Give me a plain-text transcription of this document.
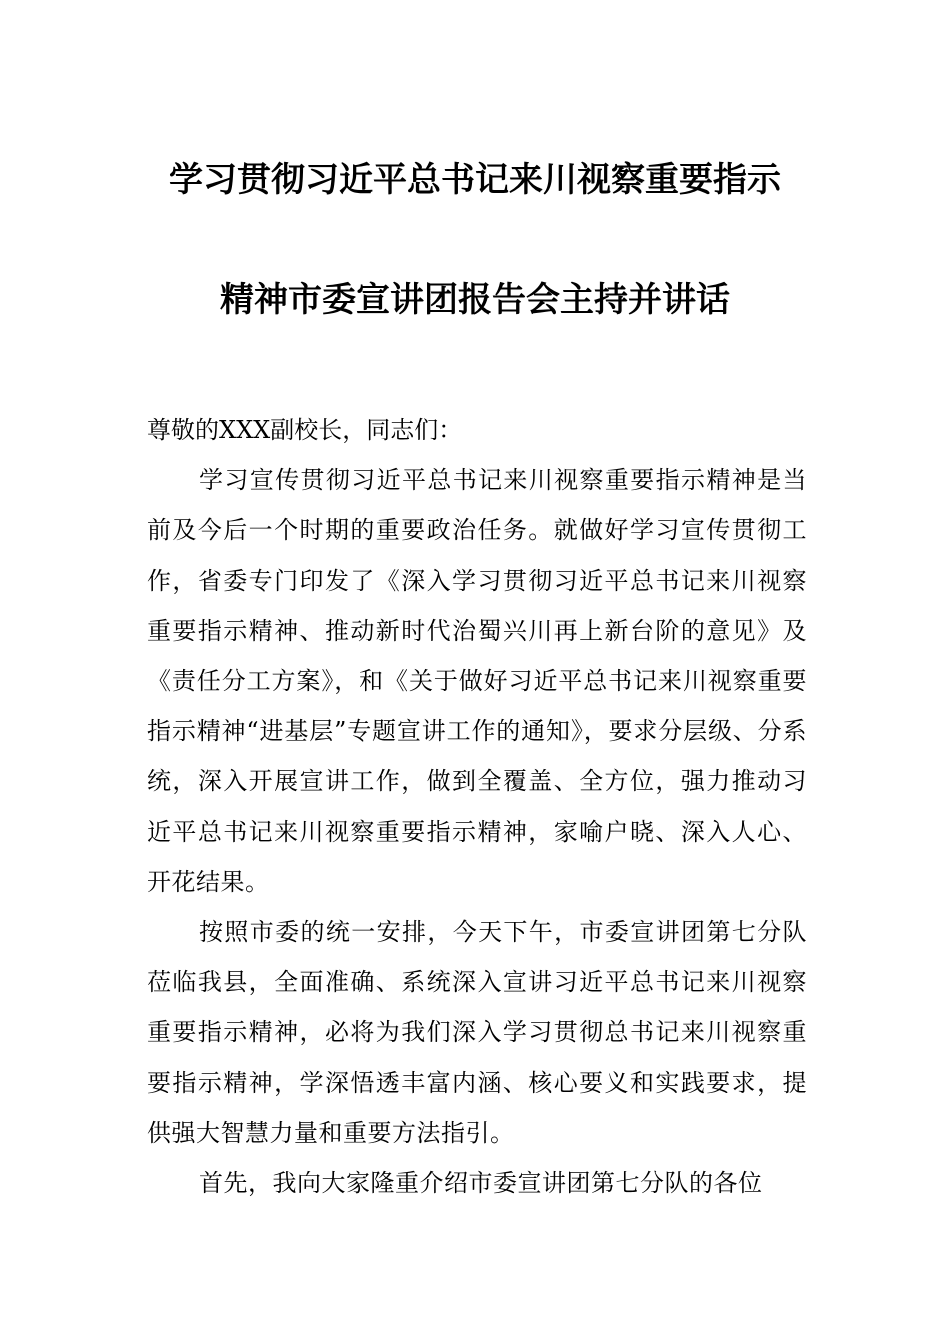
学习贯彻习近平总书记来川视察重要指示
精神市委宣讲团报告会主持并讲话

尊敬的XXX副校长，同志们：

学习宣传贯彻习近平总书记来川视察重要指示精神是当前及今后一个时期的重要政治任务。就做好学习宣传贯彻工作，省委专门印发了《深入学习贯彻习近平总书记来川视察重要指示精神、推动新时代治蜀兴川再上新台阶的意见》及《责任分工方案》，和《关于做好习近平总书记来川视察重要指示精神“进基层”专题宣讲工作的通知》，要求分层级、分系统，深入开展宣讲工作，做到全覆盖、全方位，强力推动习近平总书记来川视察重要指示精神，家喻户晓、深入人心、开花结果。

按照市委的统一安排，今天下午，市委宣讲团第七分队莅临我县，全面准确、系统深入宣讲习近平总书记来川视察重要指示精神，必将为我们深入学习贯彻总书记来川视察重要指示精神，学深悟透丰富内涵、核心要义和实践要求，提供强大智慧力量和重要方法指引。

首先，我向大家隆重介绍市委宣讲团第七分队的各位
